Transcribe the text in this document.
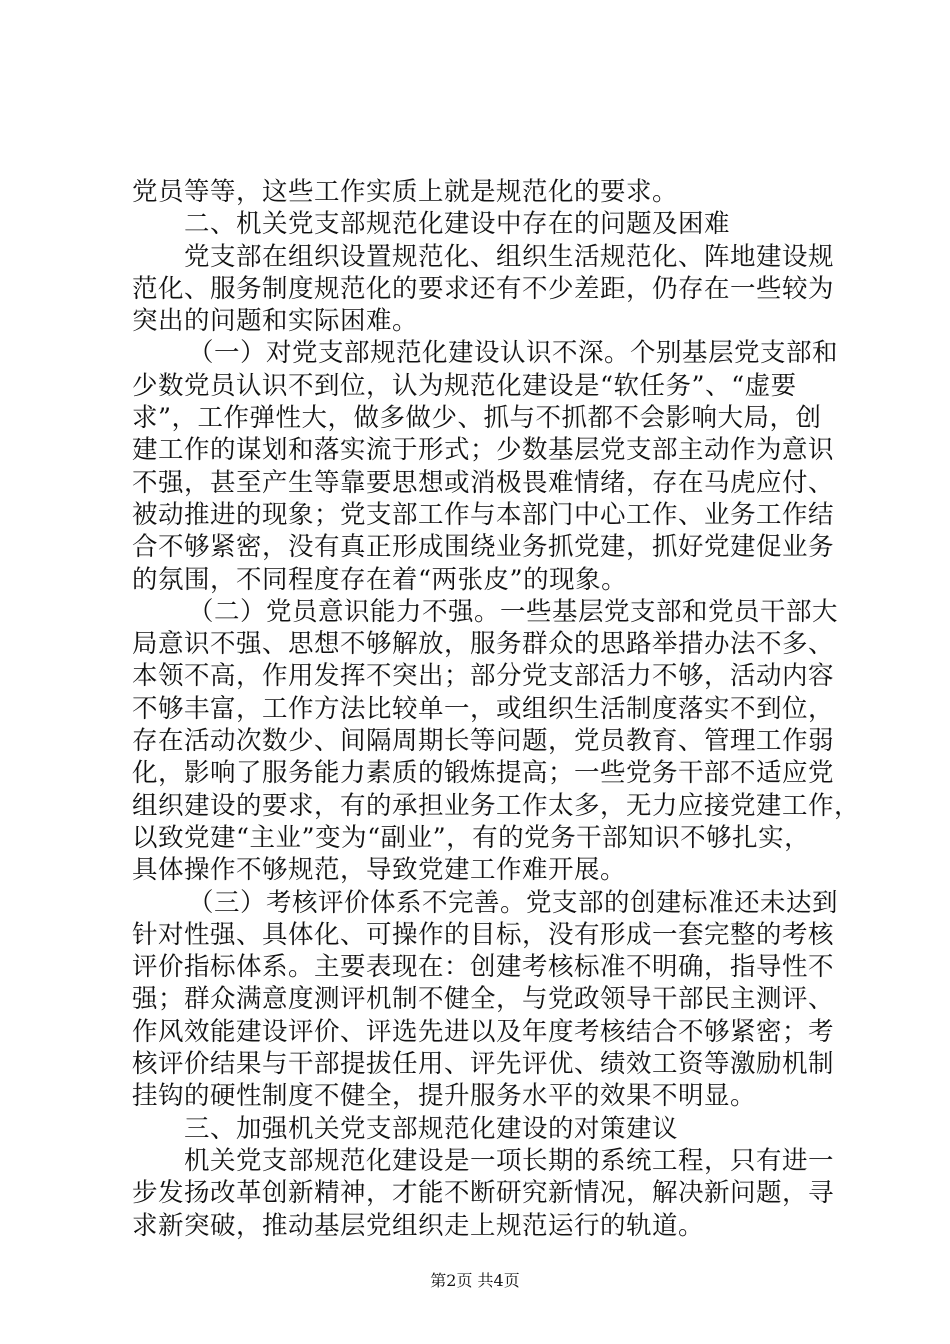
党员等等，这些工作实质上就是规范化的要求。
二、机关党支部规范化建设中存在的问题及困难
党支部在组织设置规范化、组织生活规范化、阵地建设规
范化、服务制度规范化的要求还有不少差距，仍存在一些较为
突出的问题和实际困难。
（一）对党支部规范化建设认识不深。个别基层党支部和
少数党员认识不到位，认为规范化建设是“软任务”、“虚要
求”，工作弹性大，做多做少、抓与不抓都不会影响大局，创
建工作的谋划和落实流于形式；少数基层党支部主动作为意识
不强，甚至产生等靠要思想或消极畏难情绪，存在马虎应付、
被动推进的现象；党支部工作与本部门中心工作、业务工作结
合不够紧密，没有真正形成围绕业务抓党建，抓好党建促业务
的氛围，不同程度存在着“两张皮”的现象。
（二）党员意识能力不强。一些基层党支部和党员干部大
局意识不强、思想不够解放，服务群众的思路举措办法不多、
本领不高，作用发挥不突出；部分党支部活力不够，活动内容
不够丰富，工作方法比较单一，或组织生活制度落实不到位，
存在活动次数少、间隔周期长等问题，党员教育、管理工作弱
化，影响了服务能力素质的锻炼提高；一些党务干部不适应党
组织建设的要求，有的承担业务工作太多，无力应接党建工作，
以致党建“主业”变为“副业”，有的党务干部知识不够扎实，
具体操作不够规范，导致党建工作难开展。
（三）考核评价体系不完善。党支部的创建标准还未达到
针对性强、具体化、可操作的目标，没有形成一套完整的考核
评价指标体系。主要表现在：创建考核标准不明确，指导性不
强；群众满意度测评机制不健全，与党政领导干部民主测评、
作风效能建设评价、评选先进以及年度考核结合不够紧密；考
核评价结果与干部提拔任用、评先评优、绩效工资等激励机制
挂钩的硬性制度不健全，提升服务水平的效果不明显。
三、加强机关党支部规范化建设的对策建议
机关党支部规范化建设是一项长期的系统工程，只有进一
步发扬改革创新精神，才能不断研究新情况，解决新问题，寻
求新突破，推动基层党组织走上规范运行的轨道。
第2页 共4页
